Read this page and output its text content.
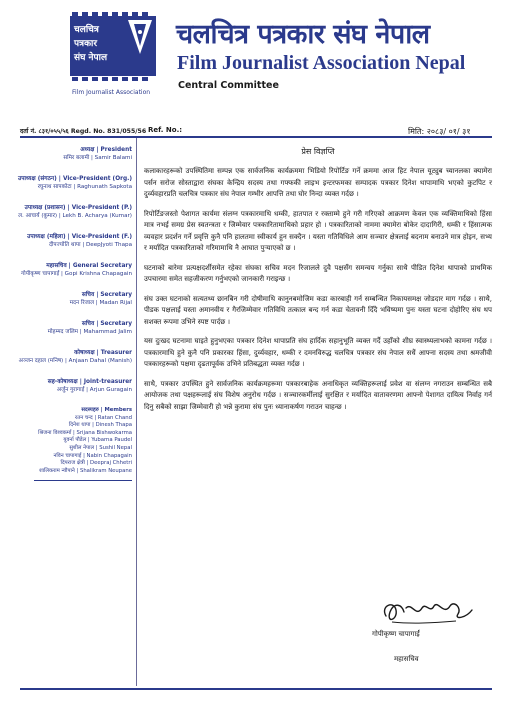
चलचित्र
पत्रकार
संघ नेपाल
Film Journalist Association
चलचित्र पत्रकार संघ नेपाल
Film Journalist Association Nepal
Central Committee
दर्ता नं. ८३१/०५५/५६ Regd. No. 831/055/56 Ref. No.:	मिति: २०८३/ ०१/ ३१
अध्यक्ष | President
समिर बलामी | Samir Balami
उपाध्यक्ष (संगठन) | Vice-President (Org.)
रघुनाथ सापकोटा | Raghunath Sapkota
उपाध्यक्ष (प्रशासन) | Vice-President (P.)
ल. आचार्य (कुमार) | Lekh B. Acharya (Kumar)
उपाध्यक्ष (महिला) | Vice-President (F.)
दीपज्योति थापा | DeepJyoti Thapa
महासचिव | General Secretary
गोपीकृष्ण चापागाई | Gopi Krishna Chapagain
सचिव | Secretary
मदन रिजाल | Madan Rijal
सचिव | Secretary
मोहम्मद जलिम | Mahammad Jalim
कोषाध्यक्ष | Treasurer
अञ्जन दहाल (मनिष) | Anjaan Dahal (Manish)
सह-कोषाध्यक्ष | Joint-treasurer
अर्जुन गुरागाई | Arjun Guragain
सदस्यहरु | Members
रतन चन्द | Ratan Chand
दिनेश थापा | Dinesh Thapa
श्रिजना विश्वकर्मा | Srijana Bishwokarma
युवर्ना पौडेल | Yubarna Paudel
सुशील नेपाल | Sushil Nepal
नविन चापागाई | Nabin Chapagain
दिपराज क्षेत्री | Deepraj Chhetri
शालिकराम न्यौपाने | Shalikram Neupane
प्रेस विज्ञप्ति

कलाकारहरूको उपस्थितिमा सम्पन्न एक सार्वजनिक कार्यक्रममा भिडियो रिपोर्टिङ गर्ने क्रममा आज हिट नेपाल यूट्युब च्यानलका क्यामेरा पर्सन सरोज सोस्ताद्वारा संघका केन्द्रिय सदस्य तथा गफ्फकी लाइभ इन्टरफमका सम्पादक पत्रकार दिनेश थापामाथि भएको कुटपिट र दुर्व्यवहारप्रति चलचित्र पत्रकार संघ नेपाल गम्भीर आपत्ति तथा घोर निन्दा व्यक्त गर्दछ ।

रिपोर्टिङजस्तो पेशागत कार्यमा संलग्न पत्रकारमाथि धम्की, हातपात र रक्ताम्मे हुने गरी गरिएको आक्रमण केवल एक व्यक्तिमाथिको हिंसा मात्र नभई समग्र प्रेस स्वतन्त्रता र जिम्मेवार पत्रकारितामाथिको प्रहार हो । पत्रकारिताको नाममा क्यामेरा बोकेर दादागिरी, धम्की र हिंसात्मक व्यवहार प्रदर्शन गर्ने प्रवृत्ति कुनै पनि हालतमा स्वीकार्य हुन सक्दैन । यस्ता गतिविधिले आम सञ्चार क्षेत्रलाई बदनाम बनाउने मात्र होइन, सभ्य र मर्यादित पत्रकारिताको गरिमामाथि नै आघात पुऱ्याएको छ ।

घटनाको बारेमा प्रत्यक्षदर्शीसमेत रहेका संघका सचिव मदन रिजालले दुवै पक्षसँग समन्वय गर्नुका साथै पीडित दिनेश थापाको प्राथमिक उपचारमा समेत सहजीकरण गर्नुभएको जानकारी गराइन्छ ।

संघ उक्त घटनाको सत्यतथ्य छानबिन गरी दोषीमाथि कानुनबमोजिम कडा कारबाही गर्न सम्बन्धित निकायसमक्ष जोडदार माग गर्दछ । साथै, पीडक पक्षलाई यस्ता अमानवीय र गैरजिम्मेवार गतिविधि तत्काल बन्द गर्न कडा चेतावनी दिँदै भविष्यमा पुनः यस्ता घटना दोहोरिए संघ थप सशक्त रूपमा उभिने स्पष्ट पार्दछ ।

यस दुःखद घटनामा घाइते हुनुभएका पत्रकार दिनेश थापाप्रति संघ हार्दिक सहानुभूति व्यक्त गर्दै उहाँको शीघ्र स्वास्थ्यलाभको कामना गर्दछ । पत्रकारमाथि हुने कुनै पनि प्रकारका हिंसा, दुर्व्यवहार, धम्की र दमनविरुद्ध चलचित्र पत्रकार संघ नेपाल सधैं आफ्ना सदस्य तथा श्रमजीवी पत्रकारहरूको पक्षमा दृढतापूर्वक उभिने प्रतिबद्धता व्यक्त गर्दछ ।

साथै, पत्रकार उपस्थित हुने सार्वजनिक कार्यक्रमहरूमा पत्रकारबाहेक अनाधिकृत व्यक्तिहरूलाई प्रवेश वा संलग्न नगराउन सम्बन्धित सबै आयोजक तथा पक्षहरूलाई संघ विशेष अनुरोध गर्दछ । सञ्चारकर्मीलाई सुरक्षित र मर्यादित वातावरणमा आफ्नो पेशागत दायित्व निर्वाह गर्न दिनु सबैको साझा जिम्मेवारी हो भन्ने कुरामा संघ पुनः ध्यानाकर्षण गराउन चाहन्छ ।

गोपीकृष्ण चापागाईं
महासचिव
